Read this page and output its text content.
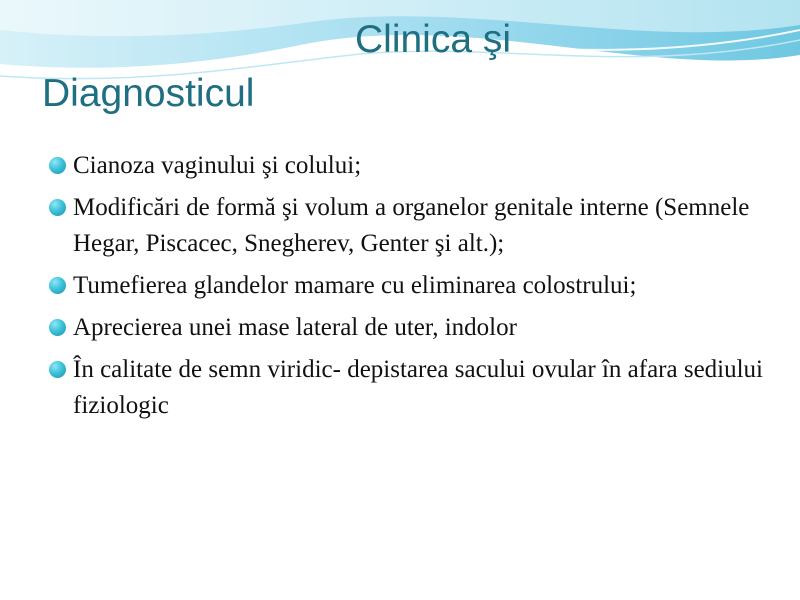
Clinica şi
Diagnosticul
Cianoza vaginului şi colului;
Modificări de formă şi volum a organelor genitale interne (Semnele Hegar, Piscacec, Snegherev, Genter şi alt.);
Tumefierea glandelor mamare cu eliminarea colostrului;
Aprecierea unei mase lateral de uter, indolor
În calitate de semn viridic- depistarea sacului ovular în afara sediului fiziologic
